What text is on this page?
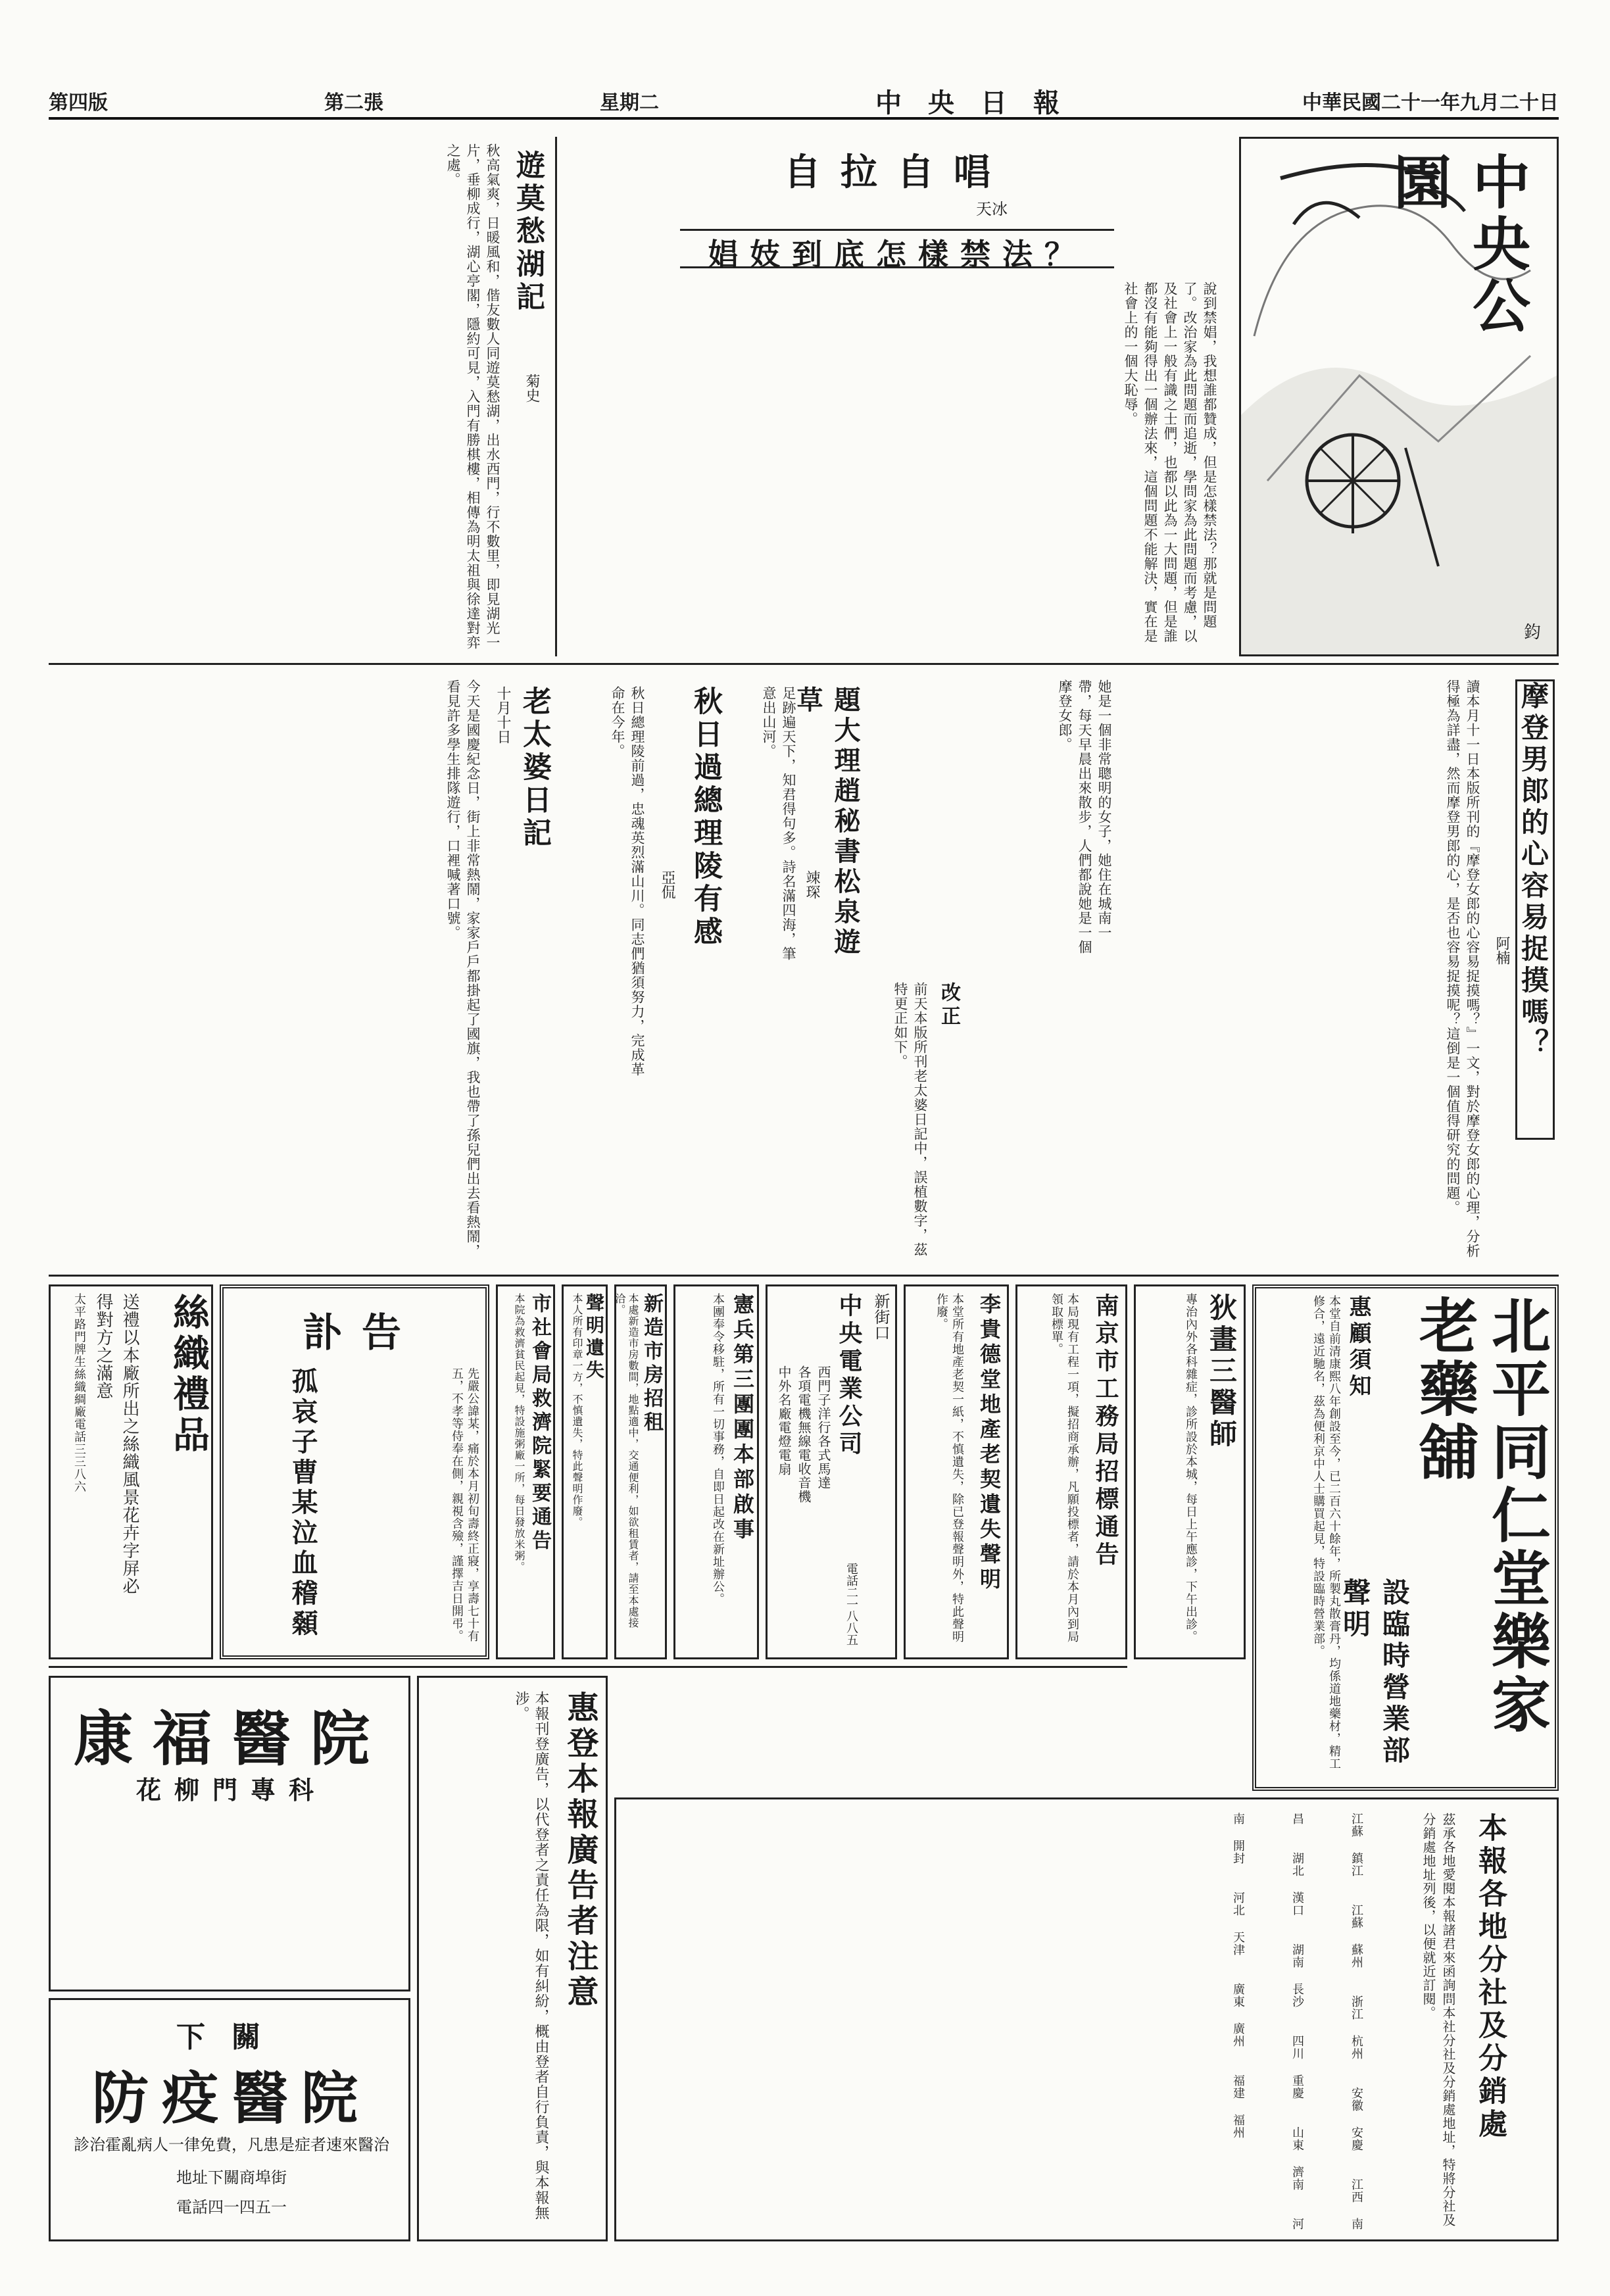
第四版	第二張	星期二	中央日報	中華民國二十一年九月二十日
中央公園
鈞
自拉自唱
天冰
娼妓到底怎樣禁法？
說到禁娼，我想誰都贊成，但是怎樣禁法？那就是問題了。改治家為此問題而追逝，學問家為此問題而考慮，以及社會上一般有識之士們，也都以此為一大問題，但是誰都沒有能夠得出一個辦法來，這個問題不能解決，實在是社會上的一個大恥辱。
遊莫愁湖記
菊史
秋高氣爽，日暖風和，偕友數人同遊莫愁湖，出水西門，行不數里，即見湖光一片，垂柳成行，湖心亭閣，隱約可見，入門有勝棋樓，相傳為明太祖與徐達對弈之處。
摩登男郎的心容易捉摸嗎？
阿楠
讀本月十一日本版所刊的『摩登女郎的心容易捉摸嗎？』一文，對於摩登女郎的心理，分析得極為詳盡，然而摩登男郎的心，是否也容易捉摸呢？這倒是一個值得研究的問題。
她是一個非常聰明的女子，她住在城南一帶，每天早晨出來散步，人們都說她是一個摩登女郎。
題大理趙秘書松泉遊草
竦琛
足跡遍天下，知君得句多。詩名滿四海，筆意出山河。
秋日過總理陵有感
亞侃
秋日總理陵前過，忠魂英烈滿山川。同志們猶須努力，完成革命在今年。
改正
前天本版所刊老太婆日記中，誤植數字，茲特更正如下。
老太婆日記
十月十日
今天是國慶紀念日，街上非常熱鬧，家家戶戶都掛起了國旗，我也帶了孫兒們出去看熱鬧，看見許多學生排隊遊行，口裡喊著口號。
北平同仁堂樂家老藥舖
設臨時營業部聲明
惠顧須知
本堂自前清康熙八年創設至今，已二百六十餘年，所製丸散膏丹，均係道地藥材，精工修合，遠近馳名，茲為便利京中人士購買起見，特設臨時營業部。
狄畫三醫師
專治內外各科雜症，診所設於本城，每日上午應診，下午出診。
南京市工務局招標通告
本局現有工程一項，擬招商承辦，凡願投標者，請於本月內到局領取標單。
李貴德堂地產老契遺失聲明
本堂所有地產老契一紙，不慎遺失，除已登報聲明外，特此聲明作廢。
新街口
中央電業公司
電話二一八八五
西門子洋行各式馬達
各項電機無線電收音機
中外名廠電燈電扇
憲兵第三團團本部啟事
本團奉令移駐，所有一切事務，自即日起改在新址辦公。
新造市房招租
本處新造市房數間，地點適中，交通便利，如欲租賃者，請至本處接洽。
聲明遺失
本人所有印章一方，不慎遺失，特此聲明作廢。
市社會局救濟院緊要通告
本院為救濟貧民起見，特設施粥廠一所，每日發放米粥。
訃告
先嚴公諱某，痛於本月初旬壽終正寢，享壽七十有五，不孝等侍奉在側，親視含殮，謹擇吉日開弔。
孤哀子曹某泣血稽顙
絲織禮品
送禮以本廠所出之絲織風景花卉字屏必得對方之滿意
太平路門牌生絲織綢廠電話三三八六
本報各地分社及分銷處
茲承各地愛閱本報諸君來函詢問本社分社及分銷處地址，特將分社及分銷處地址列後，以便就近訂閱。
江蘇 鎮江　 江蘇 蘇州　 浙江 杭州　 安徽 安慶　 江西 南昌　 湖北 漢口　 湖南 長沙　 四川 重慶　 山東 濟南　 河南 開封　 河北 天津　 廣東 廣州　 福建 福州
惠登本報廣告者注意
本報刊登廣告，以代登者之責任為限，如有糾紛，概由登者自行負責，與本報無涉。
康福醫院
花柳門專科
下關
防疫醫院
診治霍亂病人一律免費，凡患是症者速來醫治
地址下關商埠街
電話四一四五一
